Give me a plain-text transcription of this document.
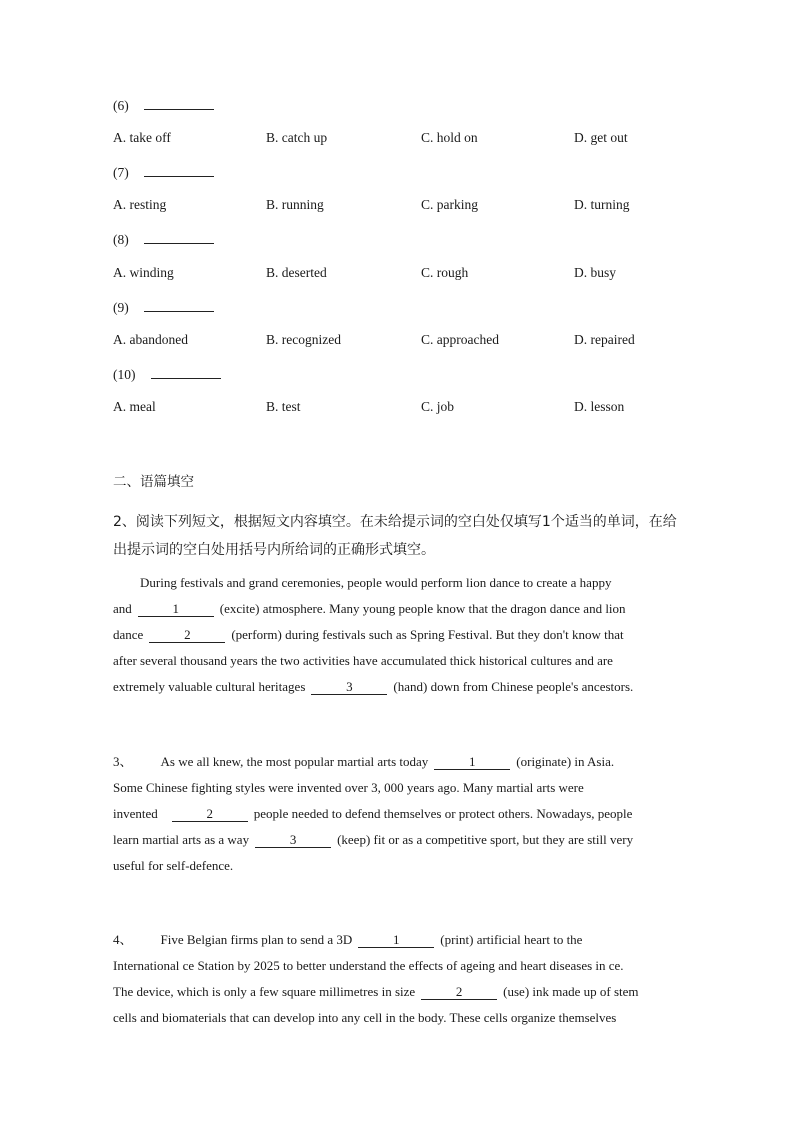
(6)
A. take off	B. catch up	C. hold on	D. get out
(7)
A. resting	B. running	C. parking	D. turning
(8)
A. winding	B. deserted	C. rough	D. busy
(9)
A. abandoned	B. recognized	C. approached	D. repaired
(10)
A. meal	B. test	C. job	D. lesson
二、语篇填空
2、阅读下列短文，根据短文内容填空。在未给提示词的空白处仅填写1个适当的单词，在给
出提示词的空白处用括号内所给词的正确形式填空。
During festivals and grand ceremonies, people would perform lion dance to create a happy
and	1	(excite) atmosphere. Many young people know that the dragon dance and lion
dance	2	(perform) during festivals such as Spring Festival. But they don't know that
after several thousand years the two activities have accumulated thick historical cultures and are
extremely valuable cultural heritages	3	(hand) down from Chinese people's ancestors.
3、 As we all knew, the most popular martial arts today	1	(originate) in Asia.
Some Chinese fighting styles were invented over 3, 000 years ago. Many martial arts were
invented	2	people needed to defend themselves or protect others. Nowadays, people
learn martial arts as a way	3	(keep) fit or as a competitive sport, but they are still very
useful for self-defence.
4、 Five Belgian firms plan to send a 3D	1	(print) artificial heart to the
International ce Station by 2025 to better understand the effects of ageing and heart diseases in ce.
The device, which is only a few square millimetres in size	2	(use) ink made up of stem
cells and biomaterials that can develop into any cell in the body. These cells organize themselves
